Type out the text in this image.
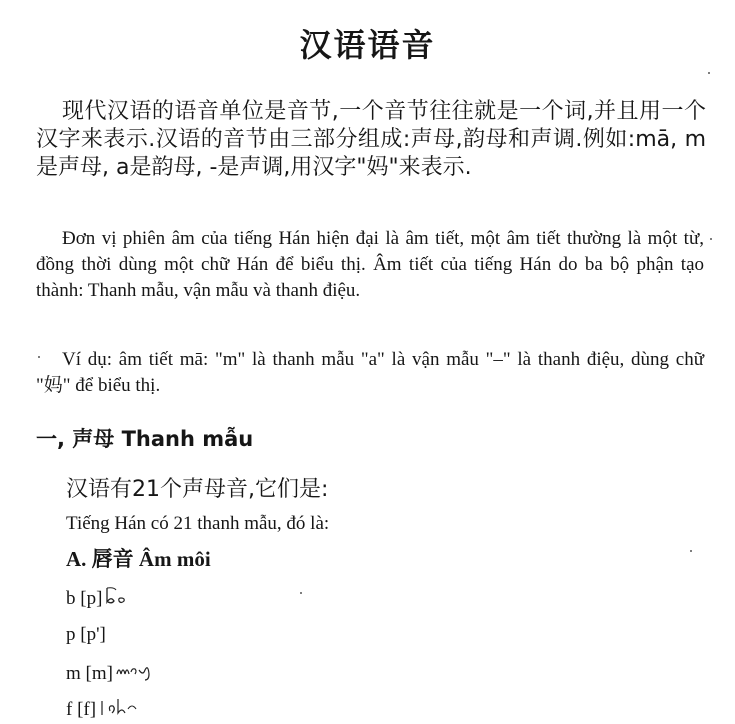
汉语语音

现代汉语的语音单位是音节,一个音节往往就是一个词,并且用一个汉字来表示.汉语的音节由三部分组成:声母,韵母和声调.例如:mā, m是声母, a是韵母, -是声调,用汉字"妈"来表示.

Đơn vị phiên âm của tiếng Hán hiện đại là âm tiết, một âm tiết thường là một từ, đồng thời dùng một chữ Hán để biểu thị. Âm tiết của tiếng Hán do ba bộ phận tạo thành: Thanh mẫu, vận mẫu và thanh điệu.

Ví dụ: âm tiết mā: "m" là thanh mẫu "a" là vận mẫu "–" là thanh điệu, dùng chữ "妈" để biểu thị.

一, 声母 Thanh mẫu

汉语有21个声母音,它们是:

Tiếng Hán có 21 thanh mẫu, đó là:

A. 唇音 Âm môi

b [p]

p [p']

m [m]

f [f]
